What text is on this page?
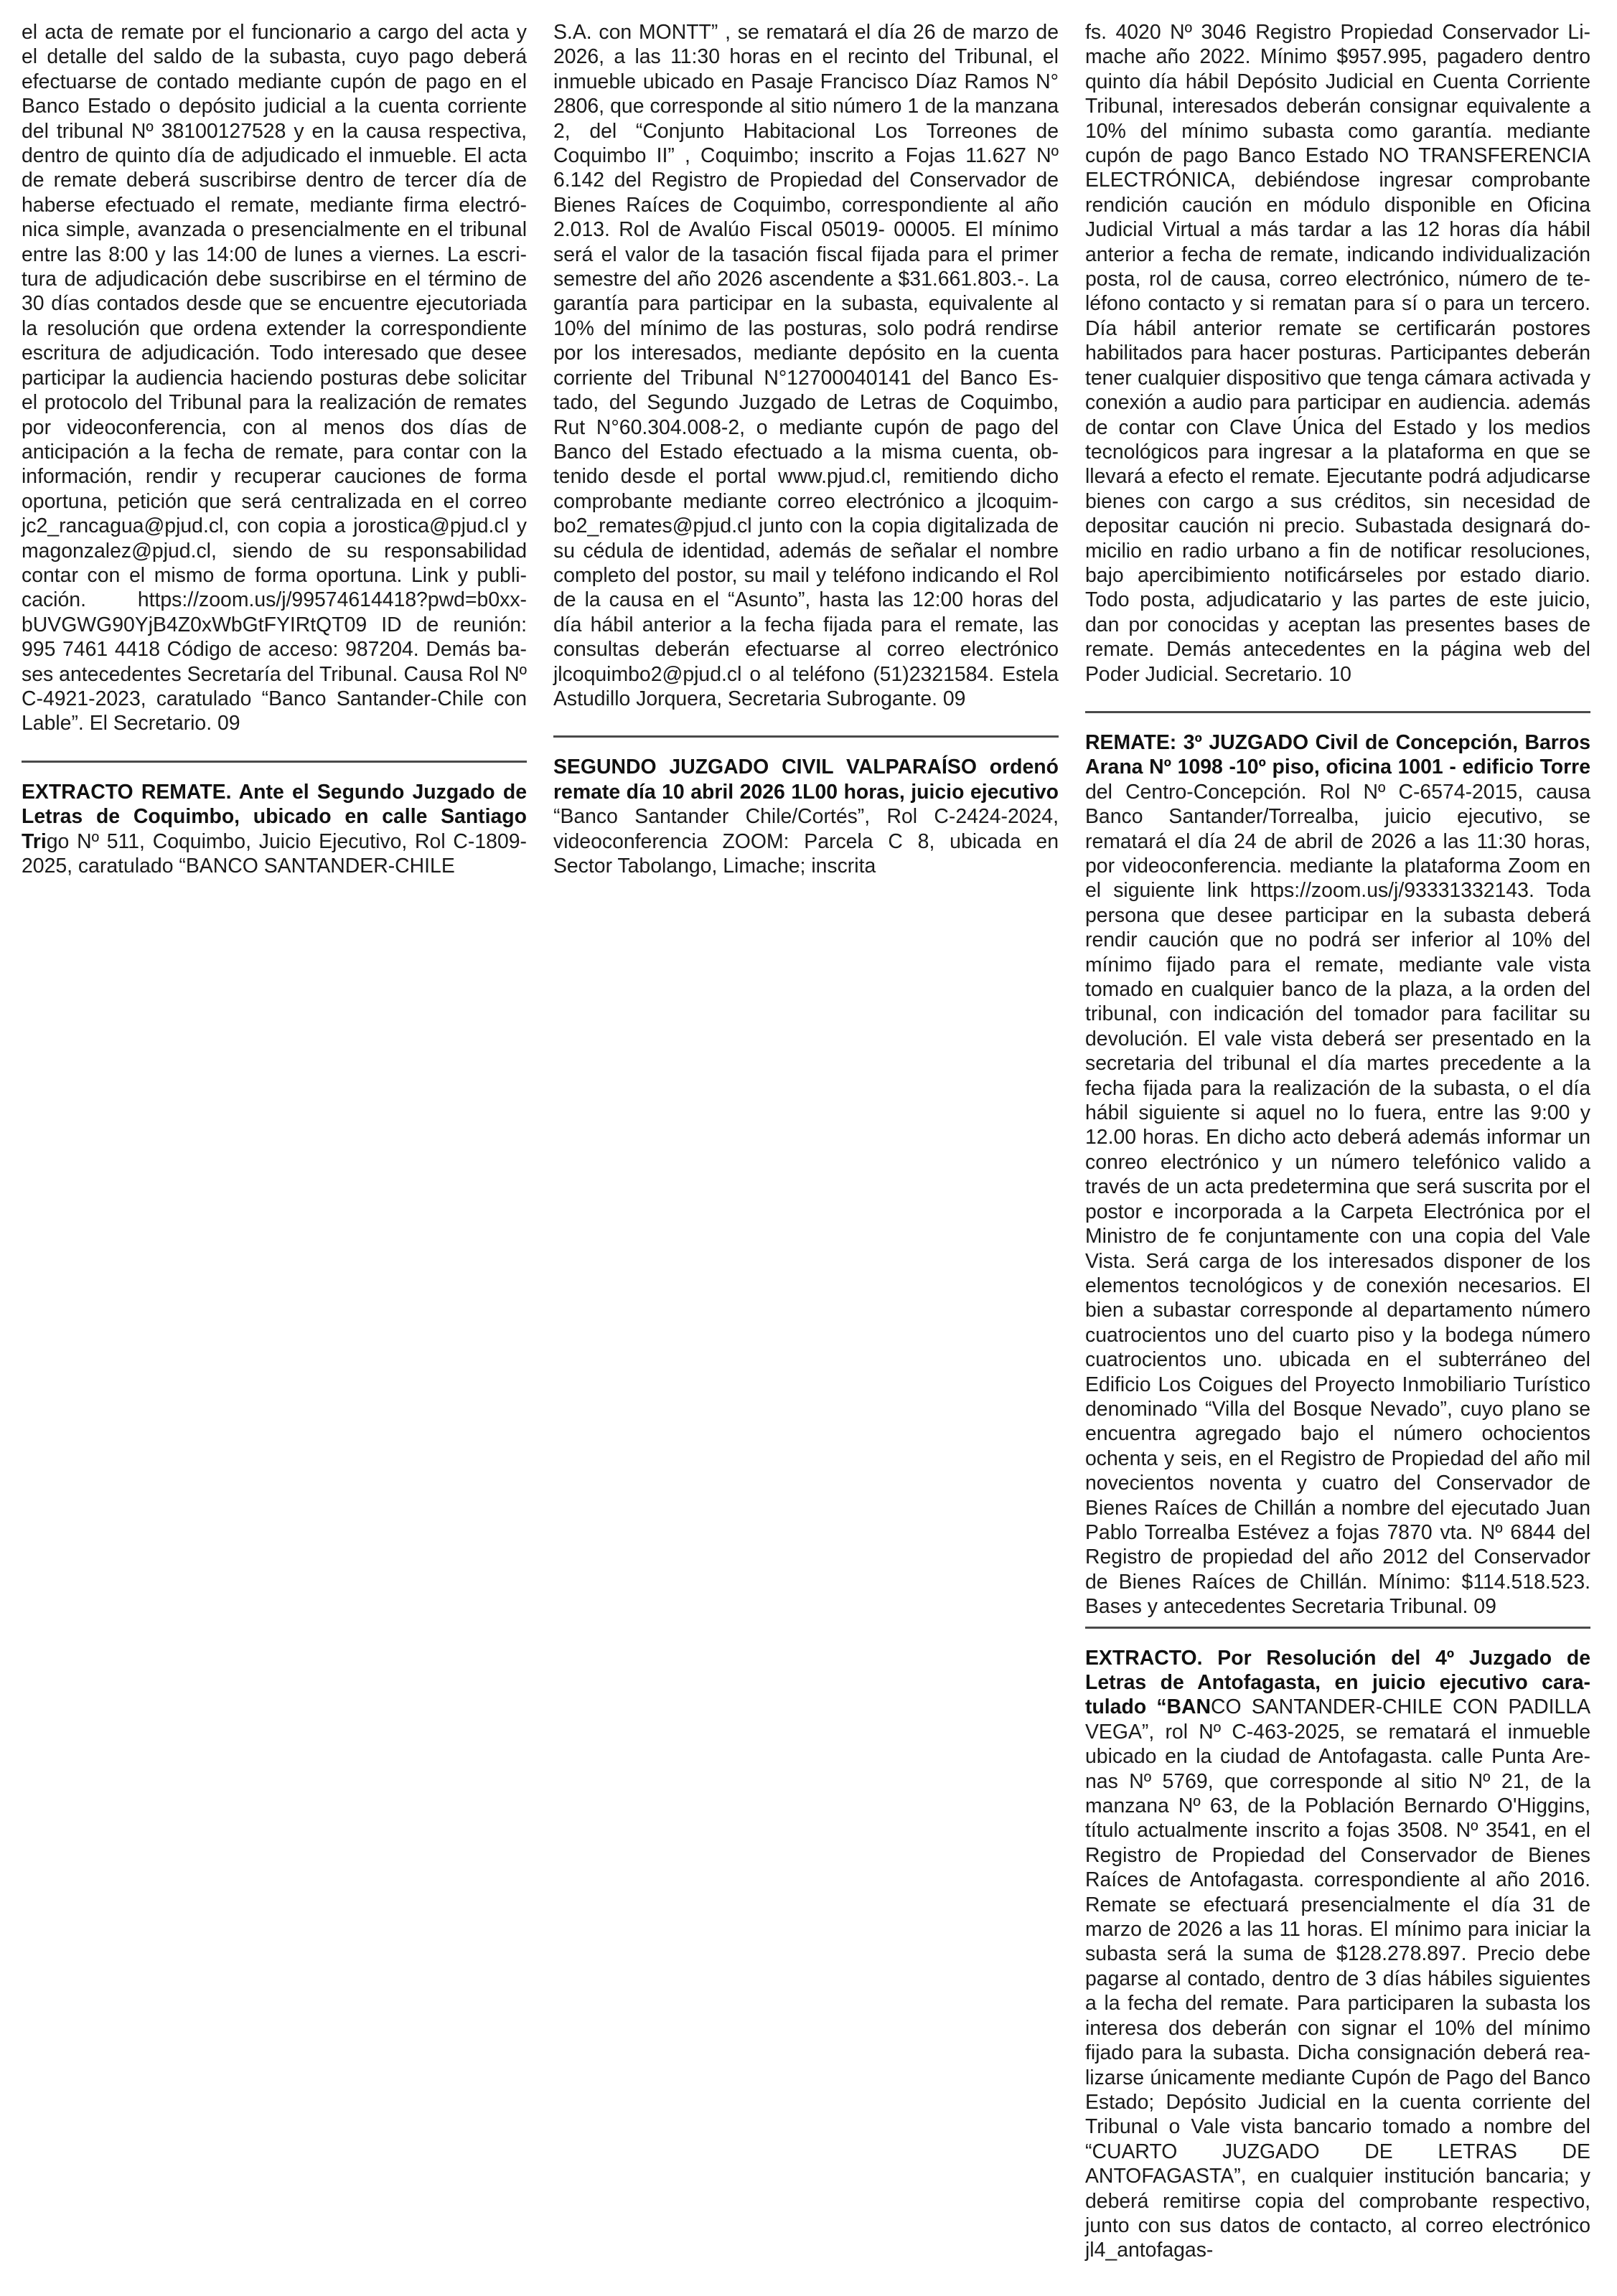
el acta de remate por el funcionario a cargo del acta y el detalle del saldo de la subasta, cuyo pago deberá efectuarse de contado mediante cupón de pago en el Banco Estado o depósito judicial a la cuenta corriente del tribunal Nº 38100127528 y en la causa respectiva, dentro de quinto día de adjudicado el inmueble. El acta de remate deberá suscribirse dentro de tercer día de haberse efectuado el remate, mediante firma electrónica simple, avanzada o presencialmente en el tribunal entre las 8:00 y las 14:00 de lunes a viernes. La escritura de adjudicación debe suscribirse en el término de 30 días contados desde que se encuentre ejecutoriada la resolución que ordena extender la correspondiente escritura de adjudicación. Todo interesado que desee participar la audiencia haciendo posturas debe solicitar el protocolo del Tribunal para la realización de remates por videoconferencia, con al menos dos días de anticipación a la fecha de remate, para contar con la información, rendir y recuperar cauciones de forma oportuna, petición que será centralizada en el correo jc2_rancagua@pjud.cl, con copia a jorostica@pjud.cl y magonzalez@pjud.cl, siendo de su responsabilidad contar con el mismo de forma oportuna. Link y publicación. https://zoom.us/j/99574614418?pwd=b0xxbUVGWG90YjB4Z0xWbGtFYIRtQT09 ID de reunión: 995 7461 4418 Código de acceso: 987204. Demás bases antecedentes Secretaría del Tribunal. Causa Rol Nº C-4921-2023, caratulado “Banco Santander-Chile con Lable”. El Secretario. 09

EXTRACTO REMATE. Ante el Segundo Juzgado de Letras de Coquimbo, ubicado en calle Santiago Trigo Nº 511, Coquimbo, Juicio Ejecutivo, Rol C-1809-2025, caratulado “BANCO SANTANDER-CHILE

S.A. con MONTT” , se rematará el día 26 de marzo de 2026, a las 11:30 horas en el recinto del Tribunal, el inmueble ubicado en Pasaje Francisco Díaz Ramos N° 2806, que corresponde al sitio número 1 de la manzana 2, del “Conjunto Habitacional Los Torreones de Coquimbo II” , Coquimbo; inscrito a Fojas 11.627 Nº 6.142 del Registro de Propiedad del Conservador de Bienes Raíces de Coquimbo, correspondiente al año 2.013. Rol de Avalúo Fiscal 05019- 00005. El mínimo será el valor de la tasación fiscal fijada para el primer semestre del año 2026 ascendente a $31.661.803.-. La garantía para participar en la subasta, equivalente al 10% del mínimo de las posturas, solo podrá rendirse por los interesados, mediante depósito en la cuenta corriente del Tribunal N°12700040141 del Banco Estado, del Segundo Juzgado de Letras de Coquimbo, Rut N°60.304.008-2, o mediante cupón de pago del Banco del Estado efectuado a la misma cuenta, obtenido desde el portal www.pjud.cl, remitiendo dicho comprobante mediante correo electrónico a jlcoquimbo2_remates@pjud.cl junto con la copia digitalizada de su cédula de identidad, además de señalar el nombre completo del postor, su mail y teléfono indicando el Rol de la causa en el “Asunto”, hasta las 12:00 horas del día hábil anterior a la fecha fijada para el remate, las consultas deberán efectuarse al correo electrónico jlcoquimbo2@pjud.cl o al teléfono (51)2321584. Estela Astudillo Jorquera, Secretaria Subrogante. 09

SEGUNDO JUZGADO CIVIL VALPARAÍSO ordenó remate día 10 abril 2026 1L00 horas, juicio ejecutivo “Banco Santander Chile/Cortés”, Rol C-2424-2024, videoconferencia ZOOM: Parcela C 8, ubicada en Sector Tabolango, Limache; inscrita

fs. 4020 Nº 3046 Registro Propiedad Conservador Limache año 2022. Mínimo $957.995, pagadero dentro quinto día hábil Depósito Judicial en Cuenta Corriente Tribunal, interesados deberán consignar equivalente a 10% del mínimo subasta como garantía. mediante cupón de pago Banco Estado NO TRANSFERENCIA ELECTRÓNICA, debiéndose ingresar comprobante rendición caución en módulo disponible en Oficina Judicial Virtual a más tardar a las 12 horas día hábil anterior a fecha de remate, indicando individualización posta, rol de causa, correo electrónico, número de teléfono contacto y si rematan para sí o para un tercero. Día hábil anterior remate se certificarán postores habilitados para hacer posturas. Participantes deberán tener cualquier dispositivo que tenga cámara activada y conexión a audio para participar en audiencia. además de contar con Clave Única del Estado y los medios tecnológicos para ingresar a la plataforma en que se llevará a efecto el remate. Ejecutante podrá adjudicarse bienes con cargo a sus créditos, sin necesidad de depositar caución ni precio. Subastada designará domicilio en radio urbano a fin de notificar resoluciones, bajo apercibimiento notificárseles por estado diario. Todo posta, adjudicatario y las partes de este juicio, dan por conocidas y aceptan las presentes bases de remate. Demás antecedentes en la página web del Poder Judicial. Secretario. 10

REMATE: 3º JUZGADO Civil de Concepción, Barros Arana Nº 1098 -10º piso, oficina 1001 - edificio Torre del Centro-Concepción. Rol Nº C-6574-2015, causa Banco Santander/Torrealba, juicio ejecutivo, se rematará el día 24 de abril de 2026 a las 11:30 horas, por videoconferencia. mediante la plataforma Zoom en el siguiente link https://zoom.us/j/93331332143. Toda persona que desee participar en la subasta deberá rendir caución que no podrá ser inferior al 10% del mínimo fijado para el remate, mediante vale vista tomado en cualquier banco de la plaza, a la orden del tribunal, con indicación del tomador para facilitar su devolución. El vale vista deberá ser presentado en la secretaria del tribunal el día martes precedente a la fecha fijada para la realización de la subasta, o el día hábil siguiente si aquel no lo fuera, entre las 9:00 y 12.00 horas. En dicho acto deberá además informar un conreo electrónico y un número telefónico valido a través de un acta predetermina que será suscrita por el postor e incorporada a la Carpeta Electrónica por el Ministro de fe conjuntamente con una copia del Vale Vista. Será carga de los interesados disponer de los elementos tecnológicos y de conexión necesarios. El bien a subastar corresponde al departamento número cuatrocientos uno del cuarto piso y la bodega número cuatrocientos uno. ubicada en el subterráneo del Edificio Los Coigues del Proyecto Inmobiliario Turístico denominado “Villa del Bosque Nevado”, cuyo plano se encuentra agregado bajo el número ochocientos ochenta y seis, en el Registro de Propiedad del año mil novecientos noventa y cuatro del Conservador de Bienes Raíces de Chillán a nombre del ejecutado Juan Pablo Torrealba Estévez a fojas 7870 vta. Nº 6844 del Registro de propiedad del año 2012 del Conservador de Bienes Raíces de Chillán. Mínimo: $114.518.523. Bases y antecedentes Secretaria Tribunal. 09

EXTRACTO. Por Resolución del 4º Juzgado de Letras de Antofagasta, en juicio ejecutivo caratulado “BANCO SANTANDER-CHILE CON PADILLA VEGA”, rol Nº C-463-2025, se rematará el inmueble ubicado en la ciudad de Antofagasta. calle Punta Arenas Nº 5769, que corresponde al sitio Nº 21, de la manzana Nº 63, de la Población Bernardo O'Higgins, título actualmente inscrito a fojas 3508. Nº 3541, en el Registro de Propiedad del Conservador de Bienes Raíces de Antofagasta. correspondiente al año 2016. Remate se efectuará presencialmente el día 31 de marzo de 2026 a las 11 horas. El mínimo para iniciar la subasta será la suma de $128.278.897. Precio debe pagarse al contado, dentro de 3 días hábiles siguientes a la fecha del remate. Para participaren la subasta los interesa dos deberán con signar el 10% del mínimo fijado para la subasta. Dicha consignación deberá realizarse únicamente mediante Cupón de Pago del Banco Estado; Depósito Judicial en la cuenta corriente del Tribunal o Vale vista bancario tomado a nombre del “CUARTO JUZGADO DE LETRAS DE ANTOFAGASTA”, en cualquier institución bancaria; y deberá remitirse copia del comprobante respectivo, junto con sus datos de contacto, al correo electrónico jl4_antofagas-
